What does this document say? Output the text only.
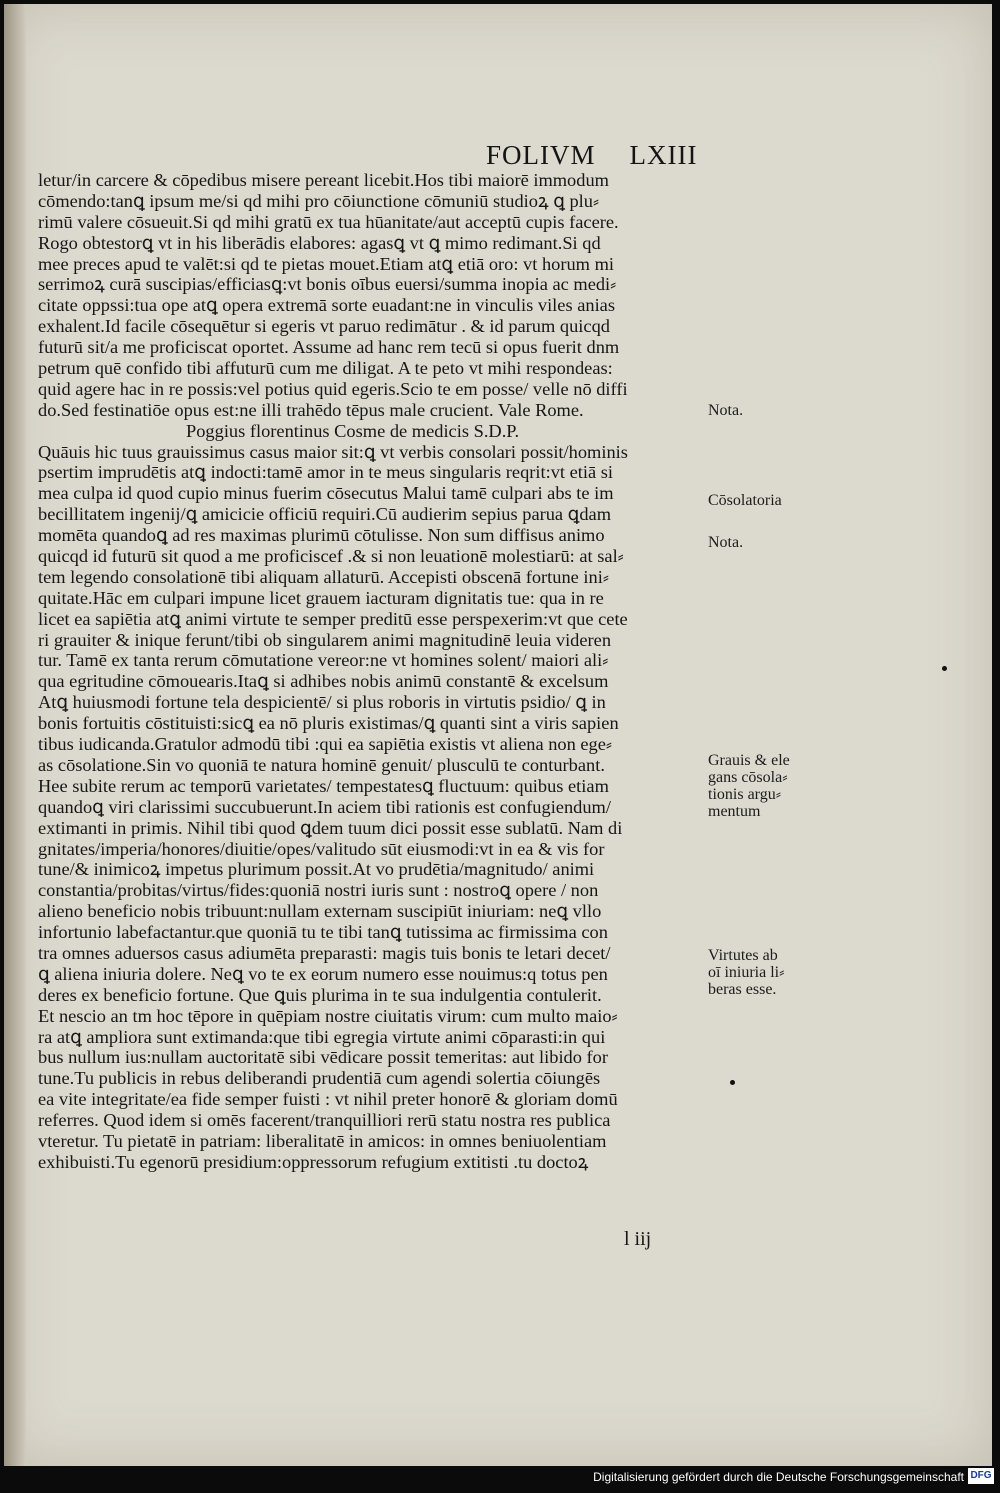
FOLIVM LXIII
letur/in carcere & cōpedibus misere pereant licebit.Hos tibi maiorē immodum
cōmendo:tanꝗ ipsum me/si qd mihi pro cōiunctione cōmuniū studioꝝ ꝗ plu⸗
rimū valere cōsueuit.Si qd mihi gratū ex tua hūanitate/aut acceptū cupis facere.
Rogo obtestorꝗ vt in his liberādis elabores: agasꝗ vt ꝗ mimo redimant.Si qd
mee preces apud te valēt:si qd te pietas mouet.Etiam atꝗ etiā oro: vt horum mi
serrimoꝝ curā suscipias/efficiasꝗ:vt bonis oībus euersi/summa inopia ac medi⸗
citate oppssi:tua ope atꝗ opera extremā sorte euadant:ne in vinculis viles anias
exhalent.Id facile cōsequētur si egeris vt paruo redimātur . & id parum quicqd
futurū sit/a me proficiscat oportet. Assume ad hanc rem tecū si opus fuerit dnm
petrum quē confido tibi affuturū cum me diligat. A te peto vt mihi respondeas:
quid agere hac in re possis:vel potius quid egeris.Scio te em posse/ velle nō diffi
do.Sed festinatiōe opus est:ne illi trahēdo tēpus male crucient. Vale Rome.
Poggius florentinus Cosme de medicis S.D.P.
Quāuis hic tuus grauissimus casus maior sit:ꝗ vt verbis consolari possit/hominis
psertim imprudētis atꝗ indocti:tamē amor in te meus singularis reqrit:vt etiā si
mea culpa id quod cupio minus fuerim cōsecutus Malui tamē culpari abs te im
becillitatem ingenij/ꝗ amicicie officiū requiri.Cū audierim sepius parua ꝗdam
momēta quandoꝗ ad res maximas plurimū cōtulisse. Non sum diffisus animo
quicqd id futurū sit quod a me proficiscef .& si non leuationē molestiarū: at sal⸗
tem legendo consolationē tibi aliquam allaturū. Accepisti obscenā fortune ini⸗
quitate.Hāc em culpari impune licet grauem iacturam dignitatis tue: qua in re
licet ea sapiētia atꝗ animi virtute te semper preditū esse perspexerim:vt que cete
ri grauiter & inique ferunt/tibi ob singularem animi magnitudinē leuia videren
tur. Tamē ex tanta rerum cōmutatione vereor:ne vt homines solent/ maiori ali⸗
qua egritudine cōmouearis.Itaꝗ si adhibes nobis animū constantē & excelsum
Atꝗ huiusmodi fortune tela despicientē/ si plus roboris in virtutis psidio/ ꝗ in
bonis fortuitis cōstituisti:sicꝗ ea nō pluris existimas/ꝗ quanti sint a viris sapien
tibus iudicanda.Gratulor admodū tibi :qui ea sapiētia existis vt aliena non ege⸗
as cōsolatione.Sin vo quoniā te natura hominē genuit/ plusculū te conturbant.
Hee subite rerum ac temporū varietates/ tempestatesꝗ fluctuum: quibus etiam
quandoꝗ viri clarissimi succubuerunt.In aciem tibi rationis est confugiendum/
extimanti in primis. Nihil tibi quod ꝗdem tuum dici possit esse sublatū. Nam di
gnitates/imperia/honores/diuitie/opes/valitudo sūt eiusmodi:vt in ea & vis for
tune/& inimicoꝝ impetus plurimum possit.At vo prudētia/magnitudo/ animi
constantia/probitas/virtus/fides:quoniā nostri iuris sunt : nostroꝗ opere / non
alieno beneficio nobis tribuunt:nullam externam suscipiūt iniuriam: neꝗ vllo
infortunio labefactantur.que quoniā tu te tibi tanꝗ tutissima ac firmissima con
tra omnes aduersos casus adiumēta preparasti: magis tuis bonis te letari decet/
ꝗ aliena iniuria dolere. Neꝗ vo te ex eorum numero esse nouimus:q totus pen
deres ex beneficio fortune. Que ꝗuis plurima in te sua indulgentia contulerit.
Et nescio an tm hoc tēpore in quēpiam nostre ciuitatis virum: cum multo maio⸗
ra atꝗ ampliora sunt extimanda:que tibi egregia virtute animi cōparasti:in qui
bus nullum ius:nullam auctoritatē sibi vēdicare possit temeritas: aut libido for
tune.Tu publicis in rebus deliberandi prudentiā cum agendi solertia cōiungēs
ea vite integritate/ea fide semper fuisti : vt nihil preter honorē & gloriam domū
referres. Quod idem si omēs facerent/tranquilliori rerū statu nostra res publica
vteretur. Tu pietatē in patriam: liberalitatē in amicos: in omnes beniuolentiam
exhibuisti.Tu egenorū presidium:oppressorum refugium extitisti .tu doctoꝝ
Nota.
Cōsolatoria
Nota.
Grauis & ele
gans cōsola⸗
tionis argu⸗
mentum
Virtutes ab
oī iniuria li⸗
beras esse.
l iij
Digitalisierung gefördert durch die Deutsche Forschungsgemeinschaft DFG
